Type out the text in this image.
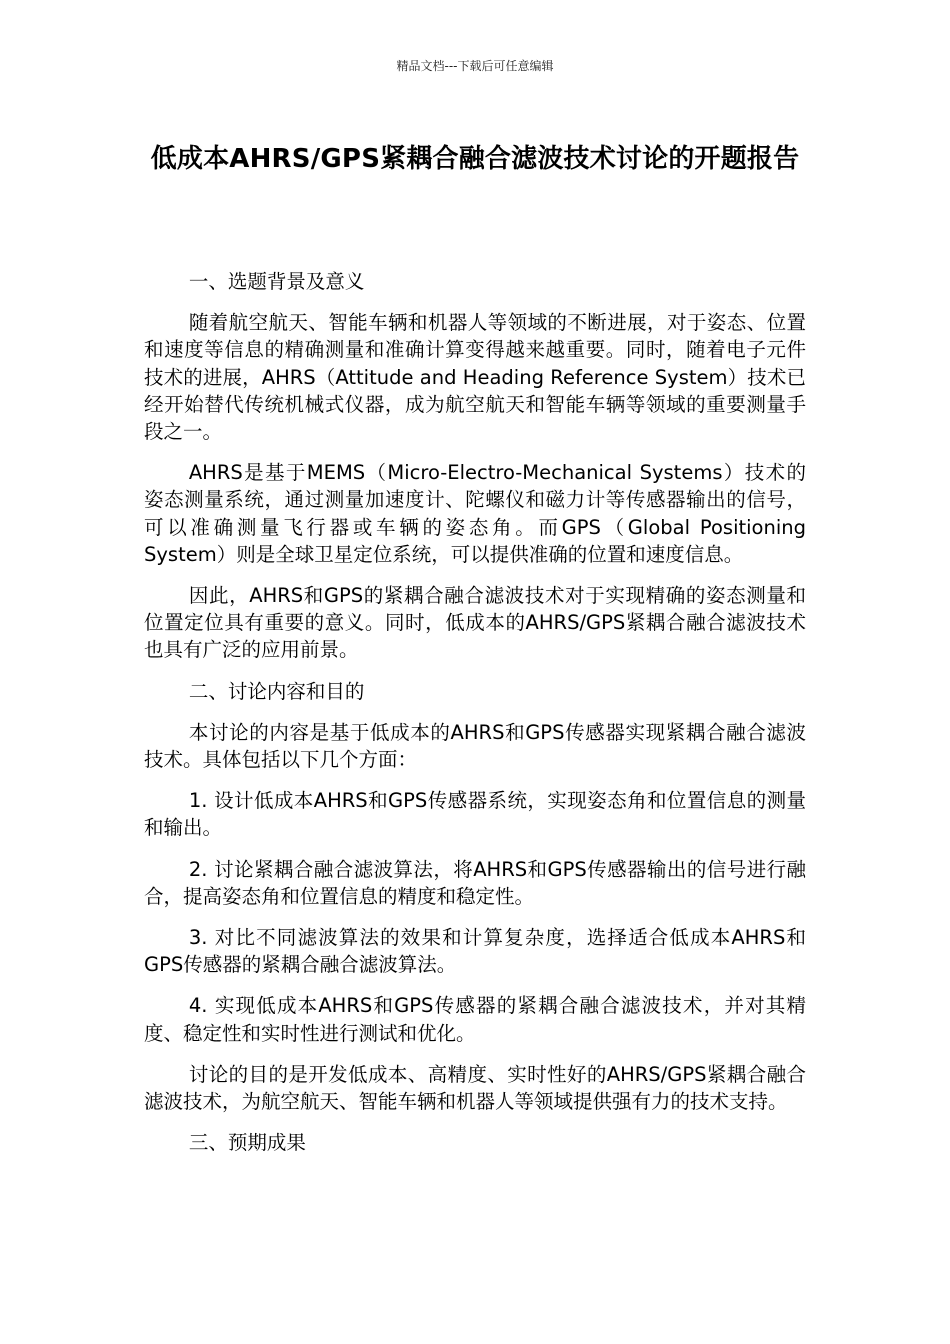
精品文档---下载后可任意编辑
低成本AHRS/GPS紧耦合融合滤波技术讨论的开题报告

一、选题背景及意义

随着航空航天、智能车辆和机器人等领域的不断进展，对于姿态、位置和速度等信息的精确测量和准确计算变得越来越重要。同时，随着电子元件技术的进展，AHRS（Attitude and Heading Reference System）技术已经开始替代传统机械式仪器，成为航空航天和智能车辆等领域的重要测量手段之一。

AHRS是基于MEMS（Micro-Electro-Mechanical Systems）技术的姿态测量系统，通过测量加速度计、陀螺仪和磁力计等传感器输出的信号，可以准确测量飞行器或车辆的姿态角。而GPS（Global Positioning System）则是全球卫星定位系统，可以提供准确的位置和速度信息。

因此，AHRS和GPS的紧耦合融合滤波技术对于实现精确的姿态测量和位置定位具有重要的意义。同时，低成本的AHRS/GPS紧耦合融合滤波技术也具有广泛的应用前景。

二、讨论内容和目的

本讨论的内容是基于低成本的AHRS和GPS传感器实现紧耦合融合滤波技术。具体包括以下几个方面：

1. 设计低成本AHRS和GPS传感器系统，实现姿态角和位置信息的测量和输出。

2. 讨论紧耦合融合滤波算法，将AHRS和GPS传感器输出的信号进行融合，提高姿态角和位置信息的精度和稳定性。

3. 对比不同滤波算法的效果和计算复杂度，选择适合低成本AHRS和GPS传感器的紧耦合融合滤波算法。

4. 实现低成本AHRS和GPS传感器的紧耦合融合滤波技术，并对其精度、稳定性和实时性进行测试和优化。

讨论的目的是开发低成本、高精度、实时性好的AHRS/GPS紧耦合融合滤波技术，为航空航天、智能车辆和机器人等领域提供强有力的技术支持。

三、预期成果
